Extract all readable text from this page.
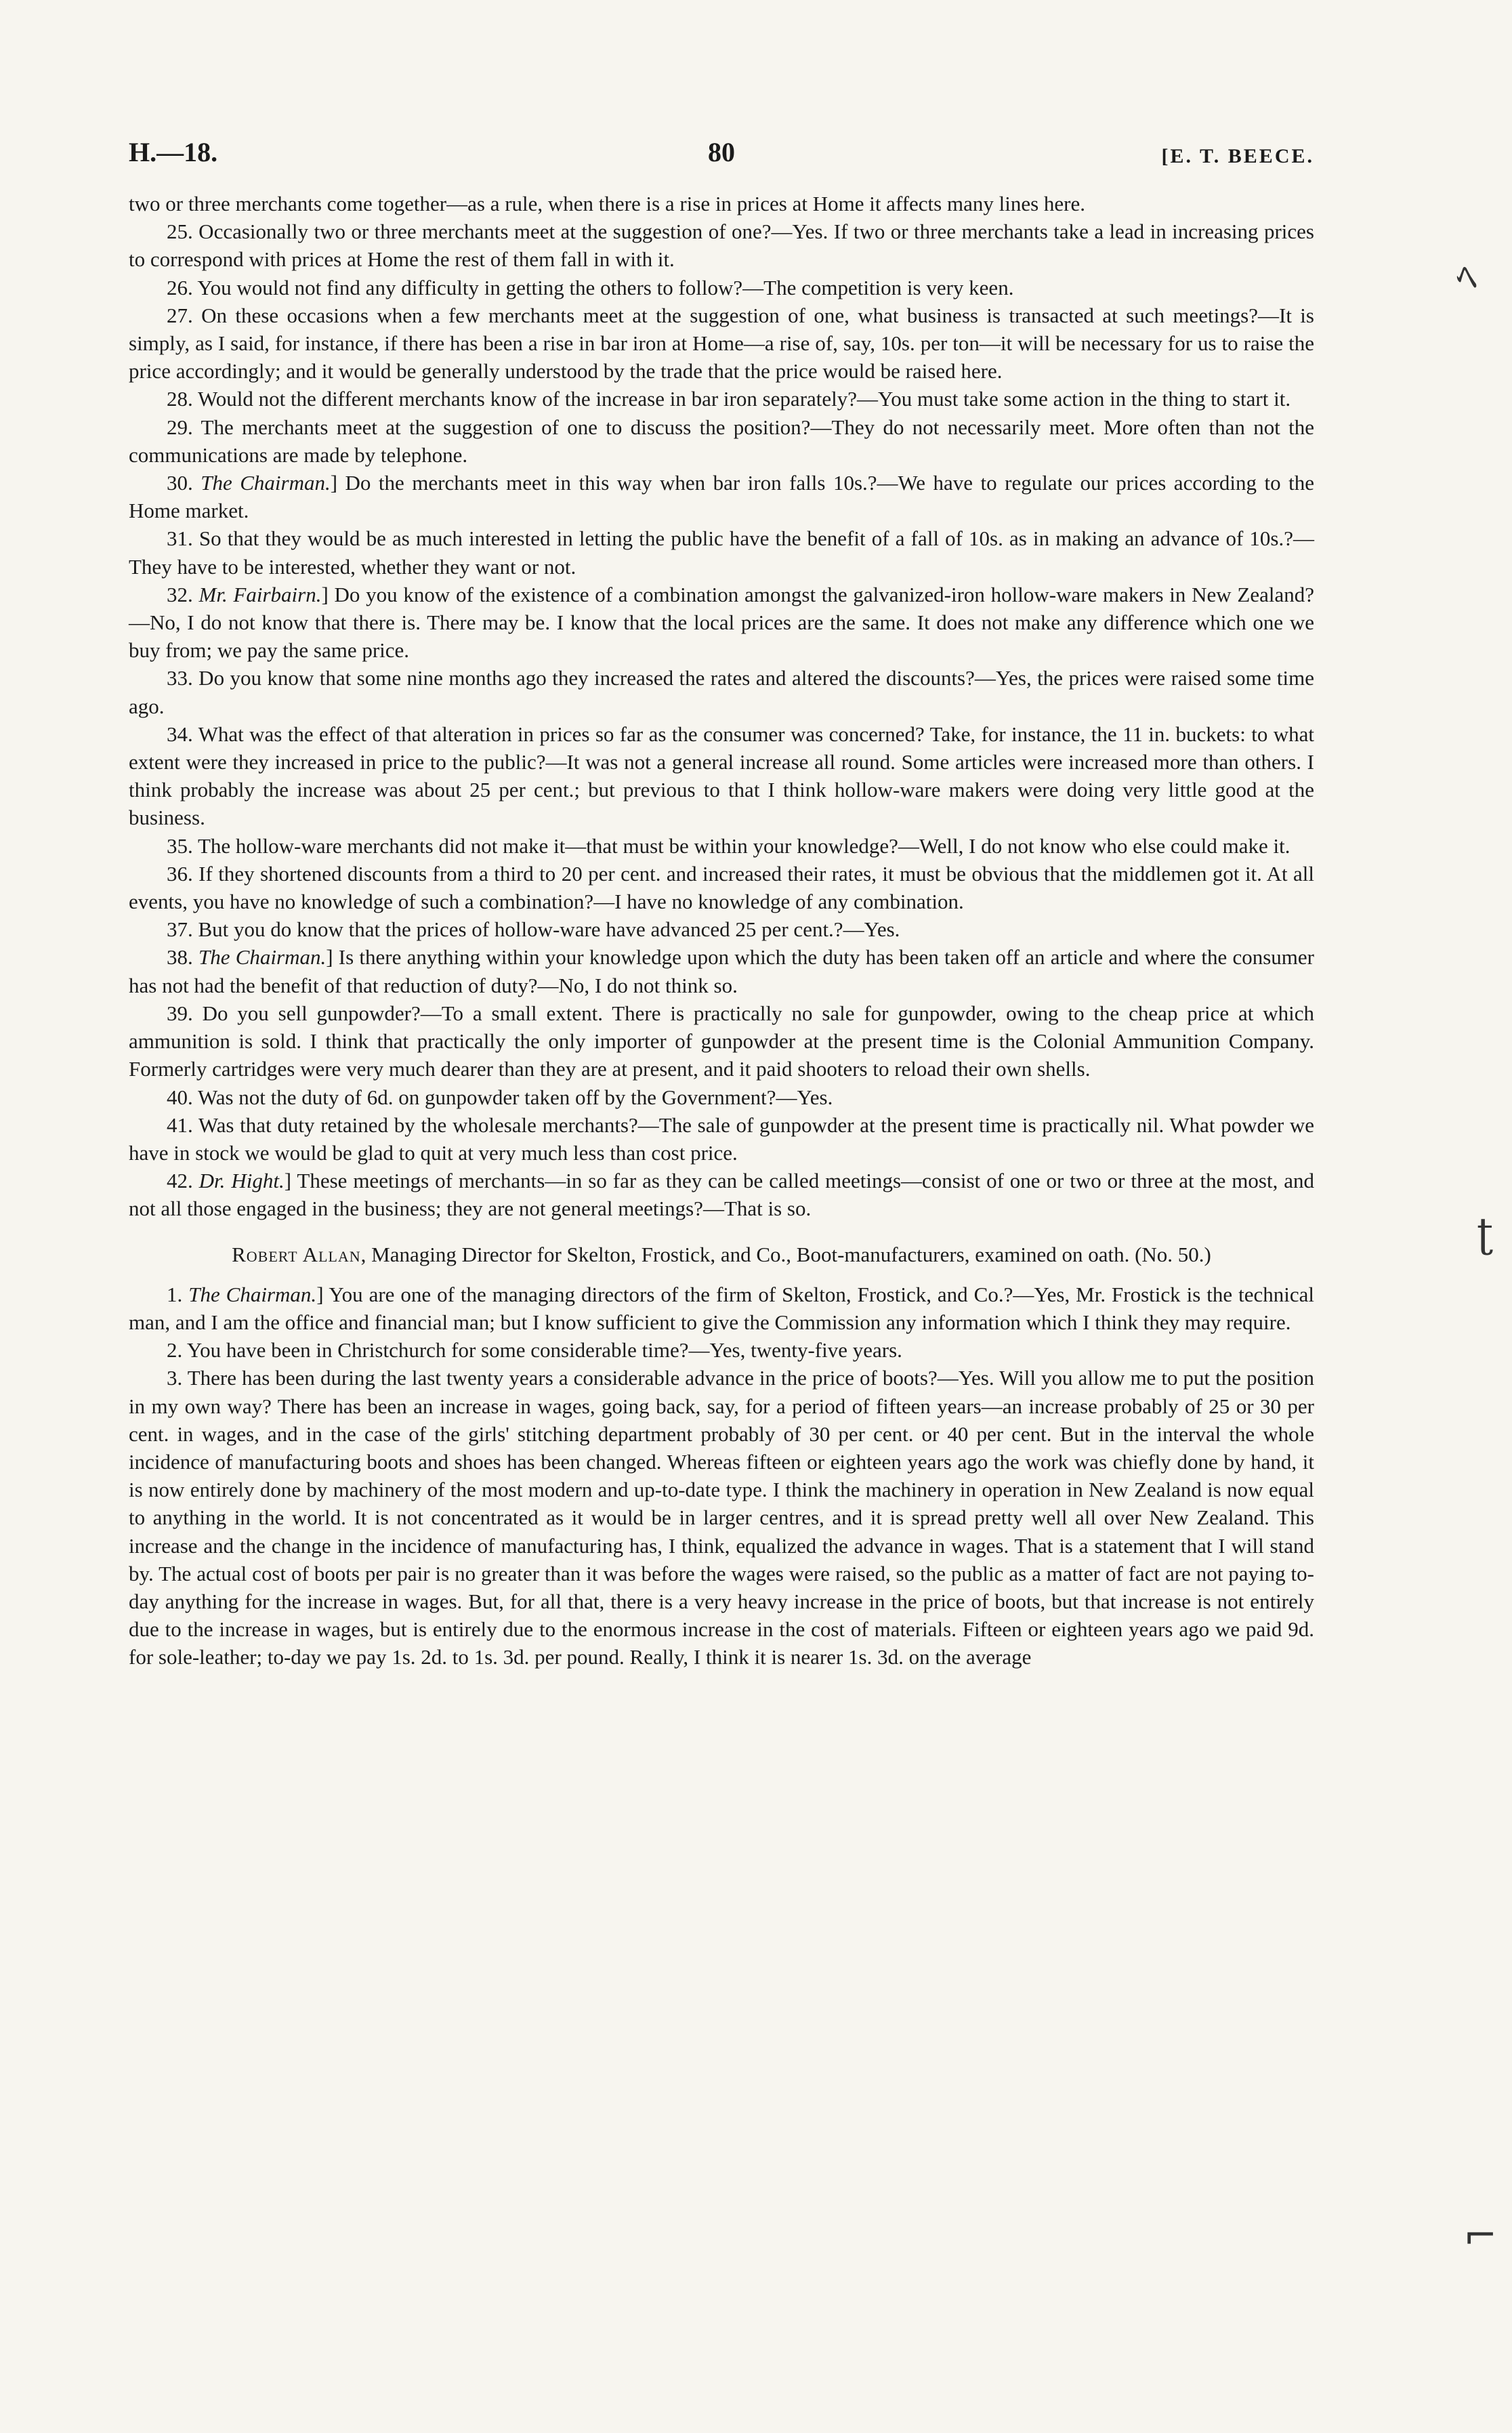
ﾍ
ʈ
⌐
H.—18.	80	[E. T. BEECE.

two or three merchants come together—as a rule, when there is a rise in prices at Home it affects many lines here.

25. Occasionally two or three merchants meet at the suggestion of one?—Yes. If two or three merchants take a lead in increasing prices to correspond with prices at Home the rest of them fall in with it.

26. You would not find any difficulty in getting the others to follow?—The competition is very keen.

27. On these occasions when a few merchants meet at the suggestion of one, what business is transacted at such meetings?—It is simply, as I said, for instance, if there has been a rise in bar iron at Home—a rise of, say, 10s. per ton—it will be necessary for us to raise the price accordingly; and it would be generally understood by the trade that the price would be raised here.

28. Would not the different merchants know of the increase in bar iron separately?—You must take some action in the thing to start it.

29. The merchants meet at the suggestion of one to discuss the position?—They do not necessarily meet. More often than not the communications are made by telephone.

30. The Chairman.] Do the merchants meet in this way when bar iron falls 10s.?—We have to regulate our prices according to the Home market.

31. So that they would be as much interested in letting the public have the benefit of a fall of 10s. as in making an advance of 10s.?—They have to be interested, whether they want or not.

32. Mr. Fairbairn.] Do you know of the existence of a combination amongst the galvanized-iron hollow-ware makers in New Zealand?—No, I do not know that there is. There may be. I know that the local prices are the same. It does not make any difference which one we buy from; we pay the same price.

33. Do you know that some nine months ago they increased the rates and altered the discounts?—Yes, the prices were raised some time ago.

34. What was the effect of that alteration in prices so far as the consumer was concerned? Take, for instance, the 11 in. buckets: to what extent were they increased in price to the public?—It was not a general increase all round. Some articles were increased more than others. I think probably the increase was about 25 per cent.; but previous to that I think hollow-ware makers were doing very little good at the business.

35. The hollow-ware merchants did not make it—that must be within your knowledge?—Well, I do not know who else could make it.

36. If they shortened discounts from a third to 20 per cent. and increased their rates, it must be obvious that the middlemen got it. At all events, you have no knowledge of such a combination?—I have no knowledge of any combination.

37. But you do know that the prices of hollow-ware have advanced 25 per cent.?—Yes.

38. The Chairman.] Is there anything within your knowledge upon which the duty has been taken off an article and where the consumer has not had the benefit of that reduction of duty?—No, I do not think so.

39. Do you sell gunpowder?—To a small extent. There is practically no sale for gunpowder, owing to the cheap price at which ammunition is sold. I think that practically the only importer of gunpowder at the present time is the Colonial Ammunition Company. Formerly cartridges were very much dearer than they are at present, and it paid shooters to reload their own shells.

40. Was not the duty of 6d. on gunpowder taken off by the Government?—Yes.

41. Was that duty retained by the wholesale merchants?—The sale of gunpowder at the present time is practically nil. What powder we have in stock we would be glad to quit at very much less than cost price.

42. Dr. Hight.] These meetings of merchants—in so far as they can be called meetings—consist of one or two or three at the most, and not all those engaged in the business; they are not general meetings?—That is so.

Robert Allan, Managing Director for Skelton, Frostick, and Co., Boot-manufacturers, examined on oath. (No. 50.)

1. The Chairman.] You are one of the managing directors of the firm of Skelton, Frostick, and Co.?—Yes, Mr. Frostick is the technical man, and I am the office and financial man; but I know sufficient to give the Commission any information which I think they may require.

2. You have been in Christchurch for some considerable time?—Yes, twenty-five years.

3. There has been during the last twenty years a considerable advance in the price of boots?—Yes. Will you allow me to put the position in my own way? There has been an increase in wages, going back, say, for a period of fifteen years—an increase probably of 25 or 30 per cent. in wages, and in the case of the girls' stitching department probably of 30 per cent. or 40 per cent. But in the interval the whole incidence of manufacturing boots and shoes has been changed. Whereas fifteen or eighteen years ago the work was chiefly done by hand, it is now entirely done by machinery of the most modern and up-to-date type. I think the machinery in operation in New Zealand is now equal to anything in the world. It is not concentrated as it would be in larger centres, and it is spread pretty well all over New Zealand. This increase and the change in the incidence of manufacturing has, I think, equalized the advance in wages. That is a statement that I will stand by. The actual cost of boots per pair is no greater than it was before the wages were raised, so the public as a matter of fact are not paying to-day anything for the increase in wages. But, for all that, there is a very heavy increase in the price of boots, but that increase is not entirely due to the increase in wages, but is entirely due to the enormous increase in the cost of materials. Fifteen or eighteen years ago we paid 9d. for sole-leather; to-day we pay 1s. 2d. to 1s. 3d. per pound. Really, I think it is nearer 1s. 3d. on the average
